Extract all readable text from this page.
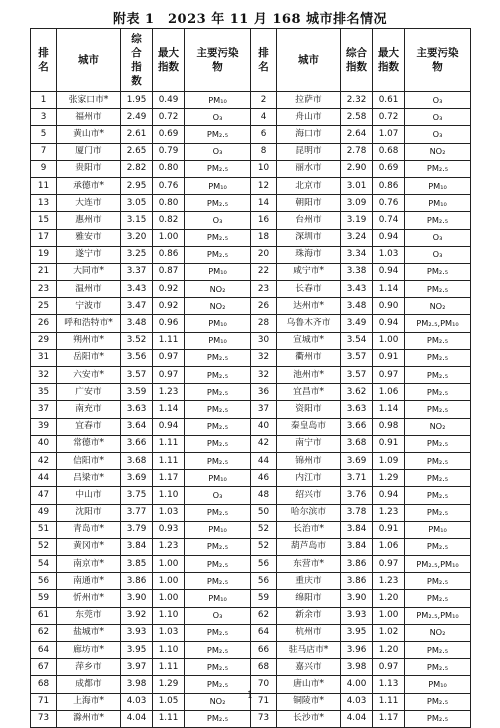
附表 1　2023 年 11 月 168 城市排名情况
排名	城市	综合指数	最大指数	主要污染物	排名	城市	综合指数	最大指数	主要污染物

1	张家口市*	1.95	0.49	PM₁₀	2	拉萨市	2.32	0.61	O₃
3	福州市	2.49	0.72	O₃	4	舟山市	2.58	0.72	O₃
5	黄山市*	2.61	0.69	PM₂.₅	6	海口市	2.64	1.07	O₃
7	厦门市	2.65	0.79	O₃	8	昆明市	2.78	0.68	NO₂
9	贵阳市	2.82	0.80	PM₂.₅	10	丽水市	2.90	0.69	PM₂.₅
11	承德市*	2.95	0.76	PM₁₀	12	北京市	3.01	0.86	PM₁₀
13	大连市	3.05	0.80	PM₂.₅	14	朝阳市	3.09	0.76	PM₁₀
15	惠州市	3.15	0.82	O₃	16	台州市	3.19	0.74	PM₂.₅
17	雅安市	3.20	1.00	PM₂.₅	18	深圳市	3.24	0.94	O₃
19	遂宁市	3.25	0.86	PM₂.₅	20	珠海市	3.34	1.03	O₃
21	大同市*	3.37	0.87	PM₁₀	22	咸宁市*	3.38	0.94	PM₂.₅
23	温州市	3.43	0.92	NO₂	23	长春市	3.43	1.14	PM₂.₅
25	宁波市	3.47	0.92	NO₂	26	达州市*	3.48	0.90	NO₂
26	呼和浩特市*	3.48	0.96	PM₁₀	28	乌鲁木齐市	3.49	0.94	PM₂.₅,PM₁₀
29	朔州市*	3.52	1.11	PM₁₀	30	宣城市*	3.54	1.00	PM₂.₅
31	岳阳市*	3.56	0.97	PM₂.₅	32	衢州市	3.57	0.91	PM₂.₅
32	六安市*	3.57	0.97	PM₂.₅	32	池州市*	3.57	0.97	PM₂.₅
35	广安市	3.59	1.23	PM₂.₅	36	宜昌市*	3.62	1.06	PM₂.₅
37	南充市	3.63	1.14	PM₂.₅	37	资阳市	3.63	1.14	PM₂.₅
39	宜春市	3.64	0.94	PM₂.₅	40	秦皇岛市	3.66	0.98	NO₂
40	常德市*	3.66	1.11	PM₂.₅	42	南宁市	3.68	0.91	PM₂.₅
42	信阳市*	3.68	1.11	PM₂.₅	44	锦州市	3.69	1.09	PM₂.₅
44	吕梁市*	3.69	1.17	PM₁₀	46	内江市	3.71	1.29	PM₂.₅
47	中山市	3.75	1.10	O₃	48	绍兴市	3.76	0.94	PM₂.₅
49	沈阳市	3.77	1.03	PM₂.₅	50	哈尔滨市	3.78	1.23	PM₂.₅
51	青岛市*	3.79	0.93	PM₁₀	52	长治市*	3.84	0.91	PM₁₀
52	黄冈市*	3.84	1.23	PM₂.₅	52	葫芦岛市	3.84	1.06	PM₂.₅
54	南京市*	3.85	1.00	PM₂.₅	56	东营市*	3.86	0.97	PM₂.₅,PM₁₀
56	南通市*	3.86	1.00	PM₂.₅	56	重庆市	3.86	1.23	PM₂.₅
59	忻州市*	3.90	1.00	PM₁₀	59	绵阳市	3.90	1.20	PM₂.₅
61	东莞市	3.92	1.10	O₃	62	新余市	3.93	1.00	PM₂.₅,PM₁₀
62	盐城市*	3.93	1.03	PM₂.₅	64	杭州市	3.95	1.02	NO₂
64	廊坊市*	3.95	1.10	PM₂.₅	66	驻马店市*	3.96	1.20	PM₂.₅
67	萍乡市	3.97	1.11	PM₂.₅	68	嘉兴市	3.98	0.97	PM₂.₅
68	成都市	3.98	1.29	PM₂.₅	70	唐山市*	4.00	1.13	PM₁₀
71	上海市*	4.03	1.05	NO₂	71	铜陵市*	4.03	1.11	PM₂.₅
73	滁州市*	4.04	1.11	PM₂.₅	73	长沙市*	4.04	1.17	PM₂.₅
1
